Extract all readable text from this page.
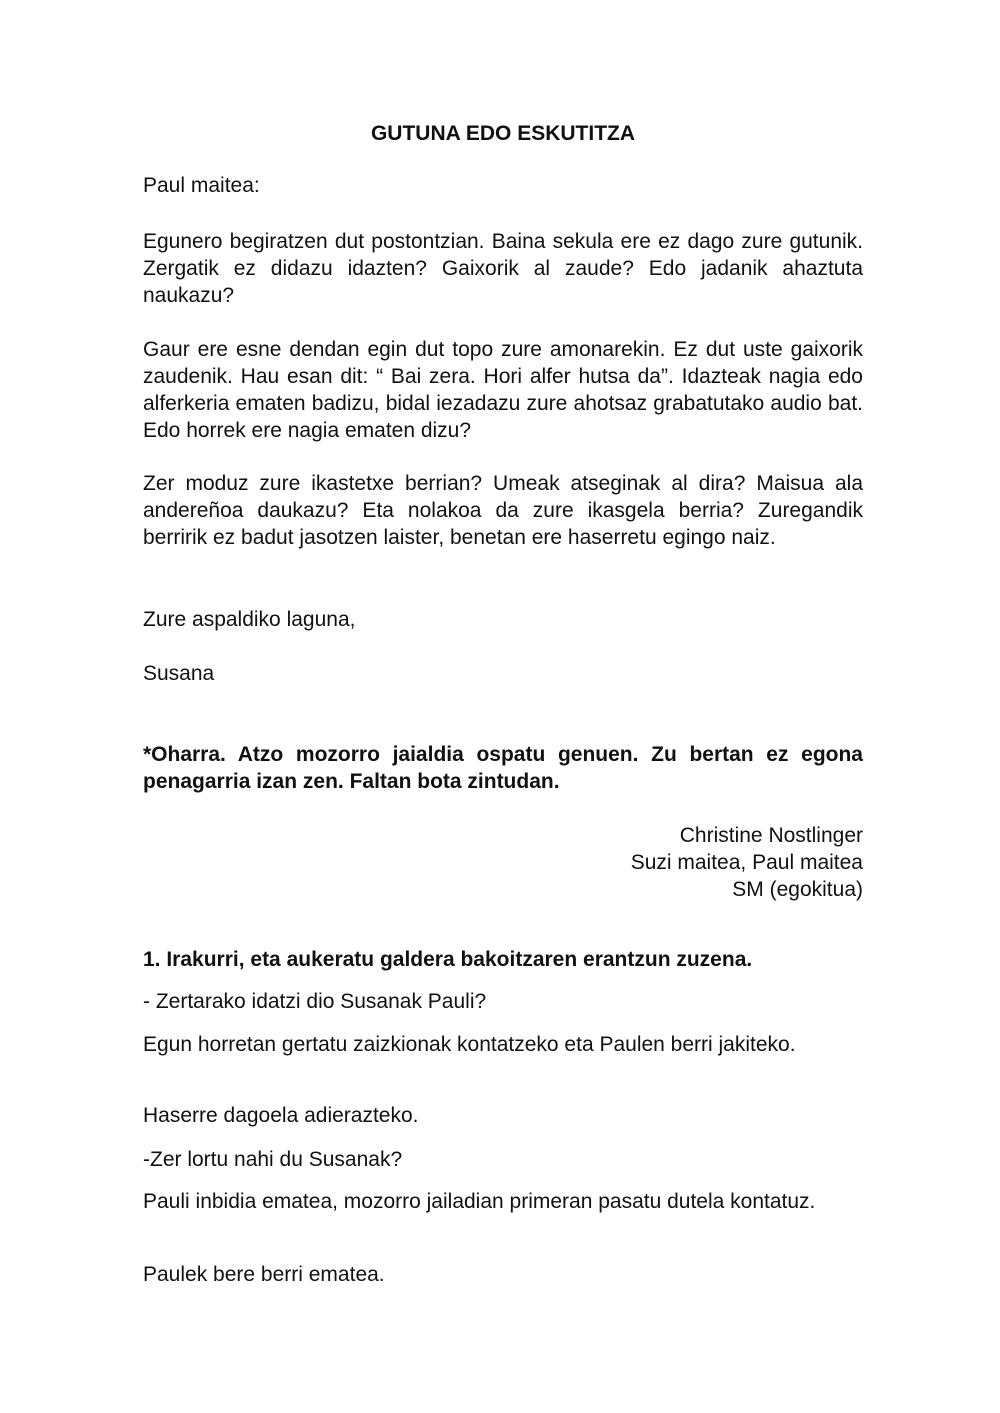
GUTUNA EDO ESKUTITZA

Paul maitea:

Egunero begiratzen dut postontzian. Baina sekula ere ez dago zure gutunik. Zergatik ez didazu idazten? Gaixorik al zaude? Edo jadanik ahaztuta naukazu?

Gaur ere esne dendan egin dut topo zure amonarekin. Ez dut uste gaixorik zaudenik. Hau esan dit: “ Bai zera. Hori alfer hutsa da”. Idazteak nagia edo alferkeria ematen badizu, bidal iezadazu zure ahotsaz grabatutako audio bat. Edo horrek ere nagia ematen dizu?

Zer moduz zure ikastetxe berrian? Umeak atseginak al dira? Maisua ala andereñoa daukazu? Eta nolakoa da zure ikasgela berria? Zuregandik berririk ez badut jasotzen laister, benetan ere haserretu egingo naiz.

Zure aspaldiko laguna,

Susana

*Oharra. Atzo mozorro jaialdia ospatu genuen. Zu bertan ez egona penagarria izan zen. Faltan bota zintudan.

Christine Nostlinger
Suzi maitea, Paul maitea
SM (egokitua)

1. Irakurri, eta aukeratu galdera bakoitzaren erantzun zuzena.

- Zertarako idatzi dio Susanak Pauli?

Egun horretan gertatu zaizkionak kontatzeko eta Paulen berri jakiteko.

Haserre dagoela adierazteko.

-Zer lortu nahi du Susanak?

Pauli inbidia ematea, mozorro jailadian primeran pasatu dutela kontatuz.

Paulek bere berri ematea.
